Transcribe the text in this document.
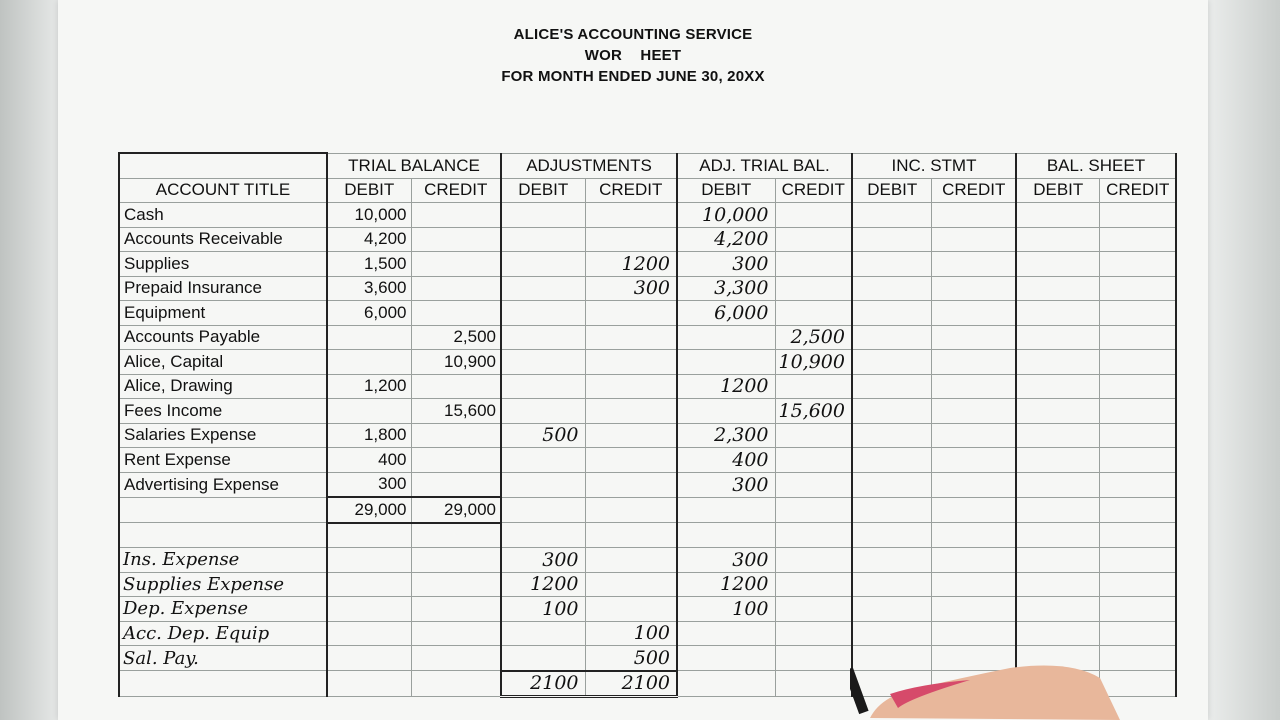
ALICE'S ACCOUNTING SERVICE
WOR HEET
FOR MONTH ENDED JUNE 30, 20XX
	TRIAL BALANCE		ADJUSTMENTS		ADJ. TRIAL BAL.		INC. STMT		BAL. SHEET	
ACCOUNT TITLE	DEBIT	CREDIT	DEBIT	CREDIT	DEBIT	CREDIT	DEBIT	CREDIT	DEBIT	CREDIT
Cash	10,000				10,000					
Accounts Receivable	4,200				4,200					
Supplies	1,500			1200	300					
Prepaid Insurance	3,600			300	3,300					
Equipment	6,000				6,000					
Accounts Payable		2,500				2,500				
Alice, Capital		10,900				10,900				
Alice, Drawing	1,200				1200					
Fees Income		15,600				15,600				
Salaries Expense	1,800		500		2,300					
Rent Expense	400				400					
Advertising Expense	300				300					
	29,000	29,000								

Ins. Expense			300		300					
Supplies Expense			1200		1200					
Dep. Expense			100		100					
Acc. Dep. Equip				100						
Sal. Pay.				500						
			2100	2100						
